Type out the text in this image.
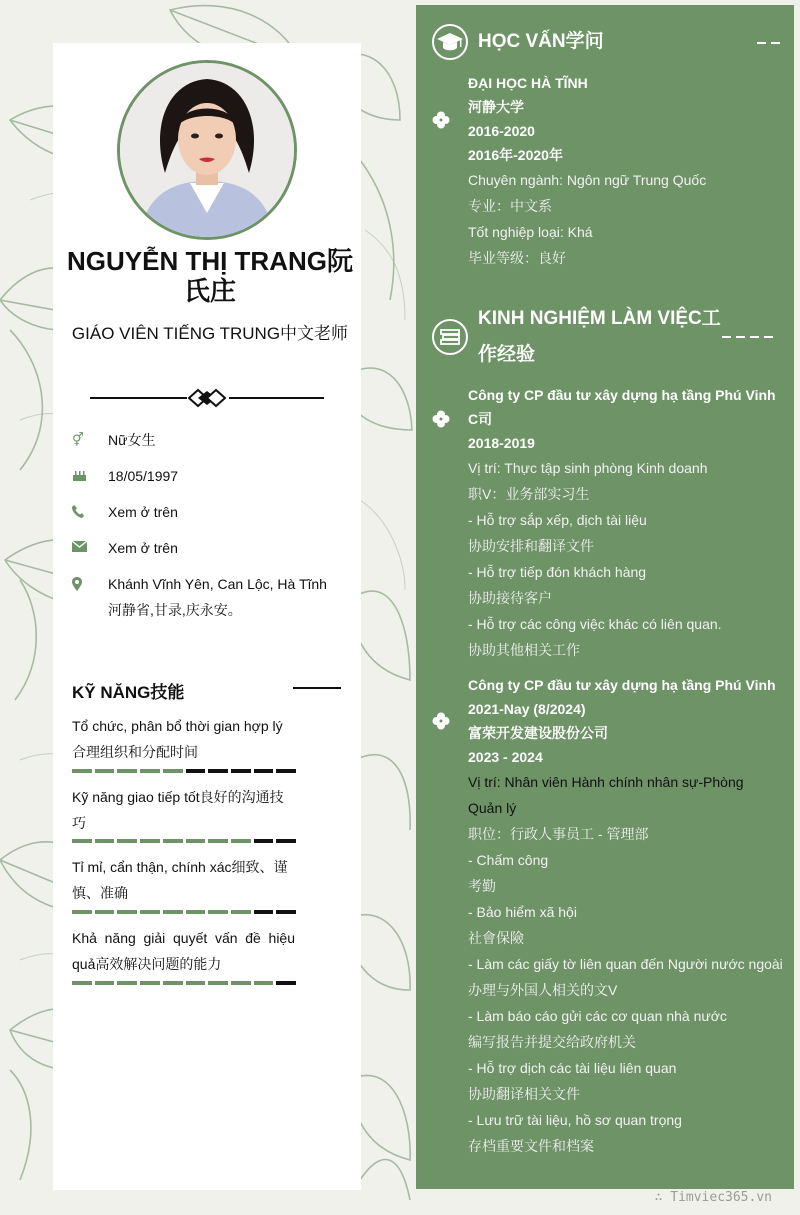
NGUYỄN THỊ TRANG阮氏庄
GIÁO VIÊN TIẾNG TRUNG中文老师
⚥	Nữ女生
18/05/1997
Xem ở trên
Xem ở trên
Khánh Vĩnh Yên, Can Lộc, Hà Tĩnh 河静省,甘录,庆永安。
KỸ NĂNG技能
Tổ chức, phân bổ thời gian hợp lý合理组织和分配时间
Kỹ năng giao tiếp tốt良好的沟通技巧
Tỉ mỉ, cẩn thận, chính xác细致、谨慎、准确
Khả năng giải quyết vấn đề hiệu quả高效解决问题的能力
HỌC VẤN学问
ĐẠI HỌC HÀ TĨNH
河静大学
2016-2020
2016年-2020年
Chuyên ngành: Ngôn ngữ Trung Quốc
专业：中文系
Tốt nghiệp loại: Khá
毕业等级：良好
KINH NGHIỆM LÀM VIỆC工
作经验
Công ty CP đầu tư xây dựng hạ tầng Phú Vinh
C司
2018-2019
Vị trí: Thực tập sinh phòng Kinh doanh
职V：业务部实习生
- Hỗ trợ sắp xếp, dịch tài liệu
协助安排和翻译文件
- Hỗ trợ tiếp đón khách hàng
协助接待客户
- Hỗ trợ các công việc khác có liên quan.
协助其他相关工作
Công ty CP đầu tư xây dựng hạ tầng Phú Vinh
2021-Nay (8/2024)
富荣开发建设股份公司
2023 - 2024
Vị trí: Nhân viên Hành chính nhân sự-Phòng Quản lý
职位：行政人事员工 - 管理部
- Chấm công
考勤
- Bảo hiểm xã hội
社會保險
- Làm các giấy tờ liên quan đến Người nước ngoài
办理与外国人相关的文V
- Làm báo cáo gửi các cơ quan nhà nước
编写报告并提交给政府机关
- Hỗ trợ dịch các tài liệu liên quan
协助翻译相关文件
- Lưu trữ tài liệu, hồ sơ quan trọng
存档重要文件和档案
∴ Timviec365.vn
